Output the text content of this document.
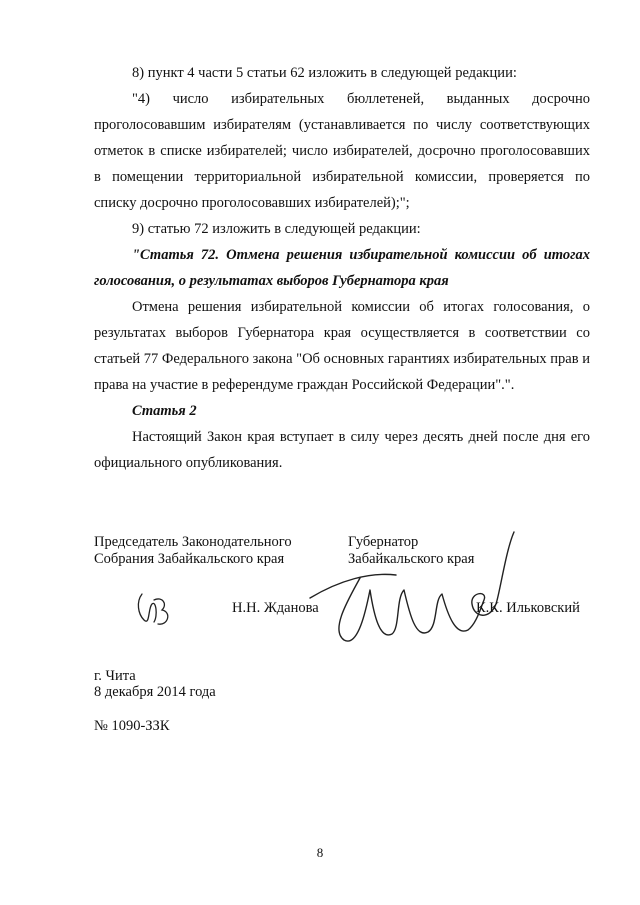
8) пункт 4 части 5 статьи 62 изложить в следующей редакции:
"4) число избирательных бюллетеней, выданных досрочно проголосовавшим избирателям (устанавливается по числу соответствующих отметок в списке избирателей; число избирателей, досрочно проголосовавших в помещении территориальной избирательной комиссии, проверяется по списку досрочно проголосовавших избирателей);";
9) статью 72 изложить в следующей редакции:
"Статья 72. Отмена решения избирательной комиссии об итогах голосования, о результатах выборов Губернатора края
Отмена решения избирательной комиссии об итогах голосования, о результатах выборов Губернатора края осуществляется в соответствии со статьей 77 Федерального закона "Об основных гарантиях избирательных прав и права на участие в референдуме граждан Российской Федерации".".
Статья 2
Настоящий Закон края вступает в силу через десять дней после дня его официального опубликования.
Председатель Законодательного
Собрания Забайкальского края
Губернатор
Забайкальского края
Н.Н. Жданова	К.К. Ильковский
г. Чита
8 декабря 2014 года
№ 1090-ЗЗК
8
